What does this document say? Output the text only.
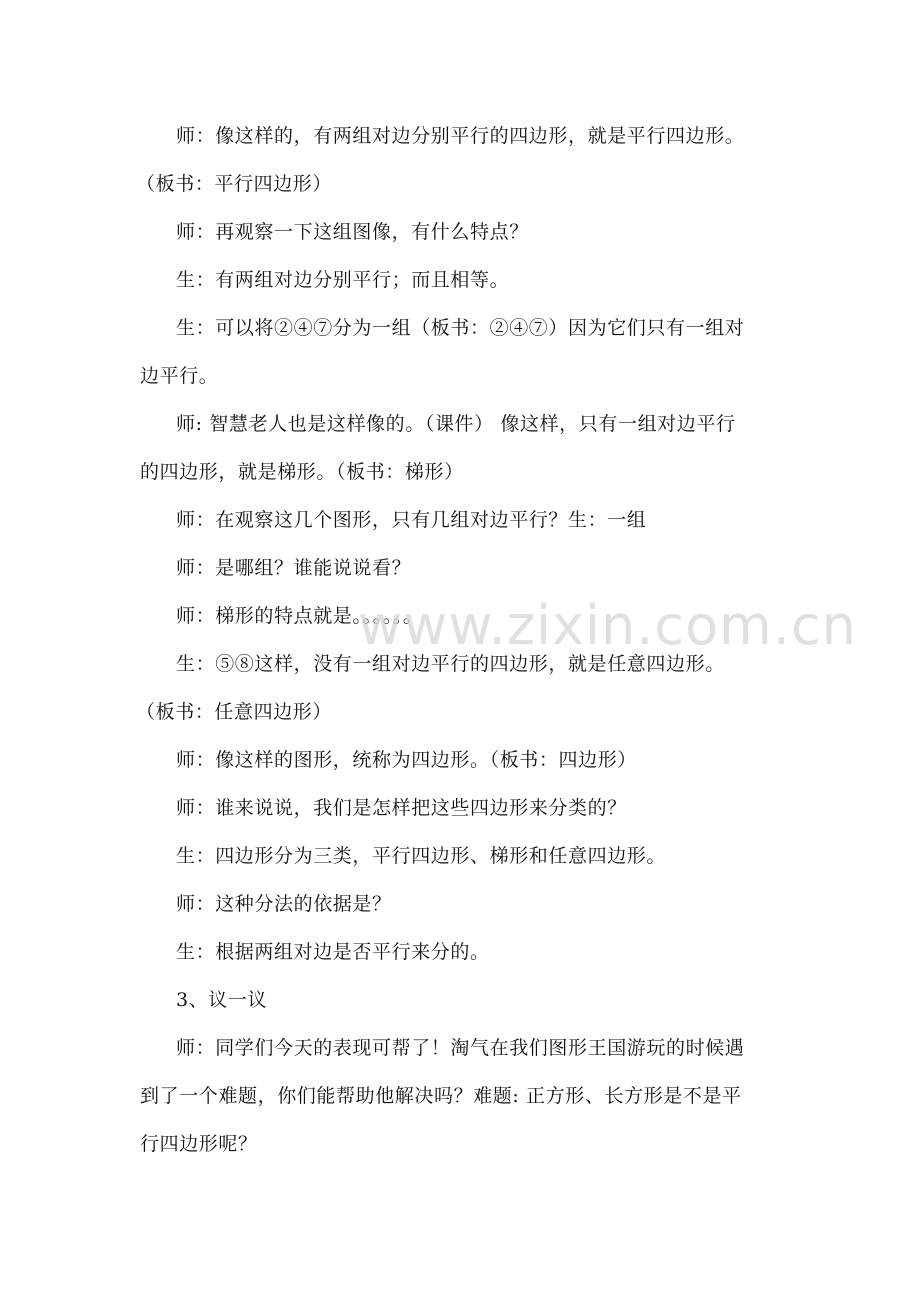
师：像这样的，有两组对边分别平行的四边形，就是平行四边形。
（板书：平行四边形）
师：再观察一下这组图像，有什么特点？
生：有两组对边分别平行；而且相等。
生：可以将②④⑦分为一组（板书：②④⑦）因为它们只有一组对
边平行。
师: 智慧老人也是这样像的。（课件） 像这样，只有一组对边平行
的四边形，就是梯形。（板书：梯形）
师：在观察这几个图形，只有几组对边平行？生：一组
师：是哪组？谁能说说看？
师：梯形的特点就是。。。。。。
生：⑤⑧这样，没有一组对边平行的四边形，就是任意四边形。
（板书：任意四边形）
师：像这样的图形，统称为四边形。（板书：四边形）
师：谁来说说，我们是怎样把这些四边形来分类的？
生：四边形分为三类，平行四边形、梯形和任意四边形。
师：这种分法的依据是？
生：根据两组对边是否平行来分的。
3、议一议
师：同学们今天的表现可帮了！淘气在我们图形王国游玩的时候遇
到了一个难题，你们能帮助他解决吗？难题: 正方形、长方形是不是平
行四边形呢？
www.zixin.com.cn
